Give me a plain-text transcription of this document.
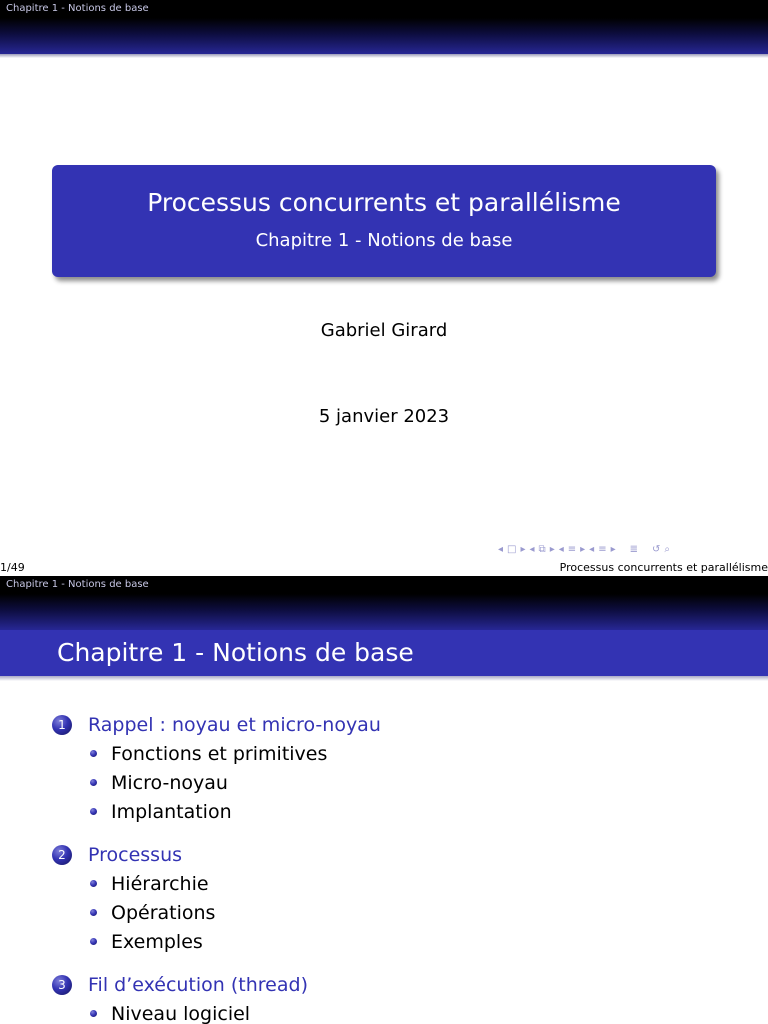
Chapitre 1 - Notions de base
Processus concurrents et parallélisme
Chapitre 1 - Notions de base
Gabriel Girard
5 janvier 2023
◂ □ ▸ ◂ ⧉ ▸ ◂ ≡ ▸ ◂ ≡ ▸ ≣ ↺ ⌕
1/49	Processus concurrents et parallélisme
Chapitre 1 - Notions de base
Chapitre 1 - Notions de base
1	Rappel : noyau et micro-noyau
Fonctions et primitives
Micro-noyau
Implantation
2	Processus
Hiérarchie
Opérations
Exemples
3	Fil d’exécution (thread)
Niveau logiciel
